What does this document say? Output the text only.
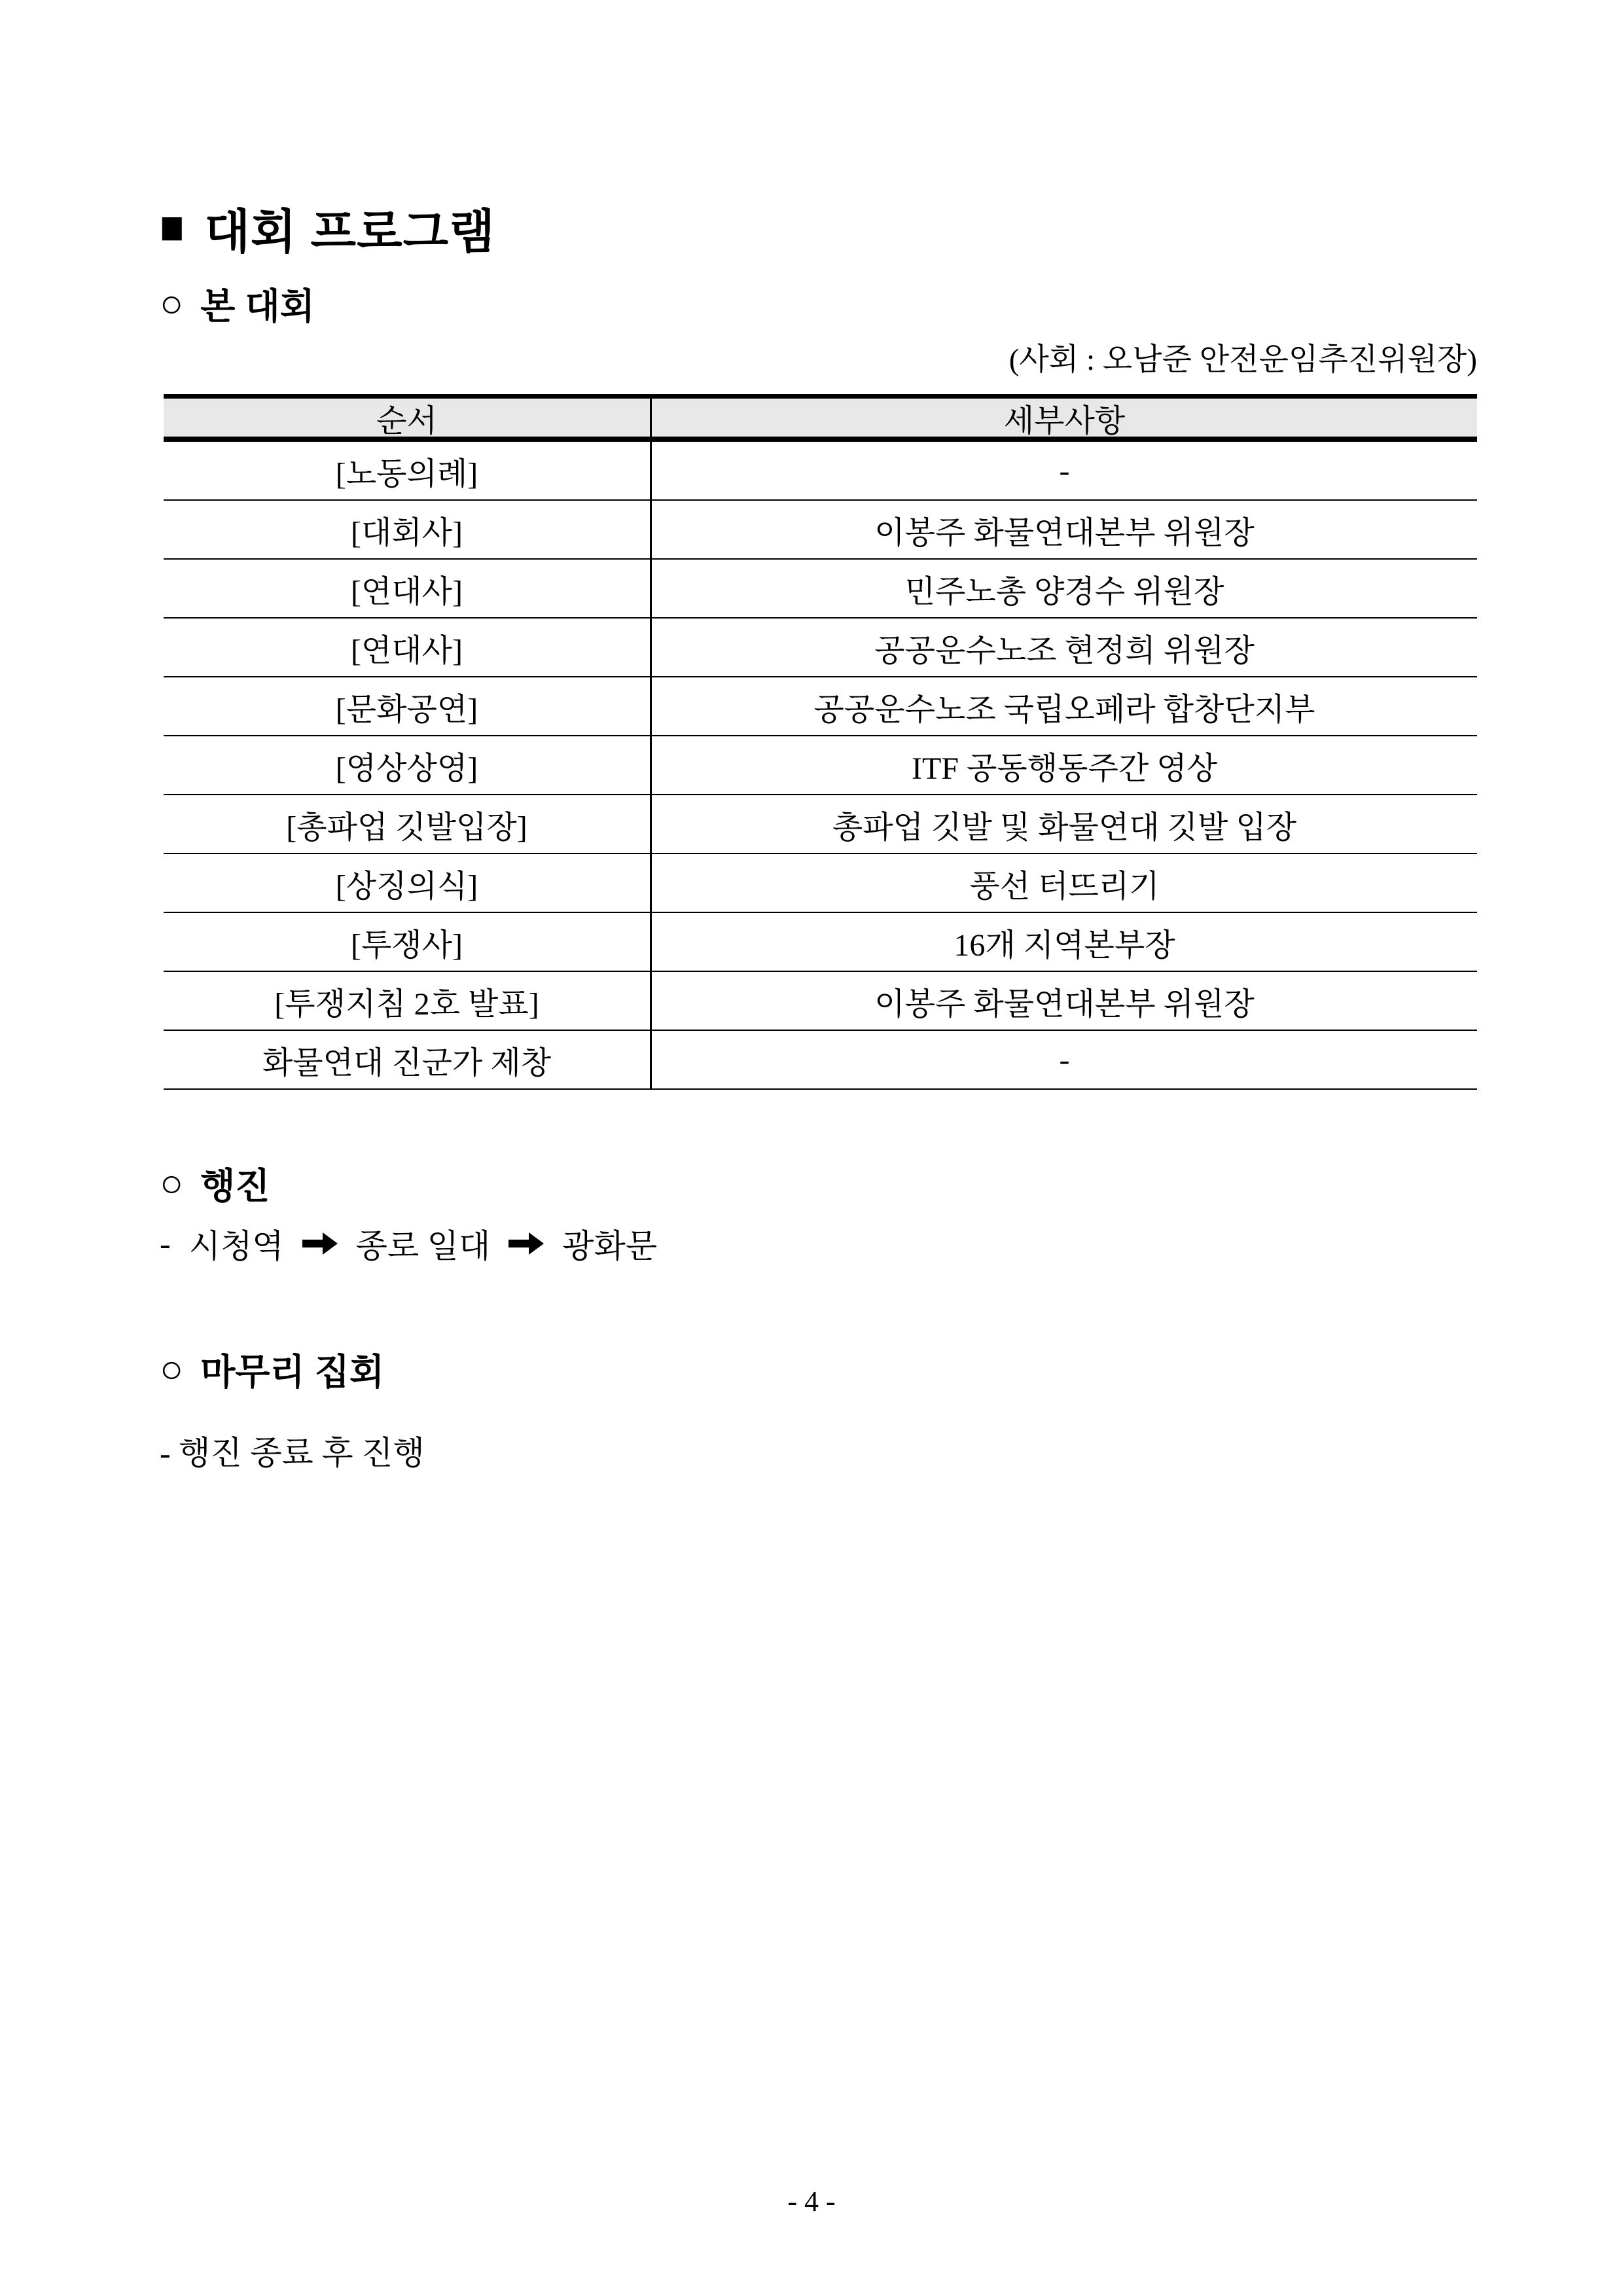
■ 대회 프로그램
○ 본 대회
(사회 : 오남준 안전운임추진위원장)
순서	세부사항
[노동의례]	-
[대회사]	이봉주 화물연대본부 위원장
[연대사]	민주노총 양경수 위원장
[연대사]	공공운수노조 현정희 위원장
[문화공연]	공공운수노조 국립오페라 합창단지부
[영상상영]	ITF 공동행동주간 영상
[총파업 깃발입장]	총파업 깃발 및 화물연대 깃발 입장
[상징의식]	풍선 터뜨리기
[투쟁사]	16개 지역본부장
[투쟁지침 2호 발표]	이봉주 화물연대본부 위원장
화물연대 진군가 제창	-
○ 행진
- 시청역 종로 일대 광화문
○ 마무리 집회
- 행진 종료 후 진행
- 4 -
